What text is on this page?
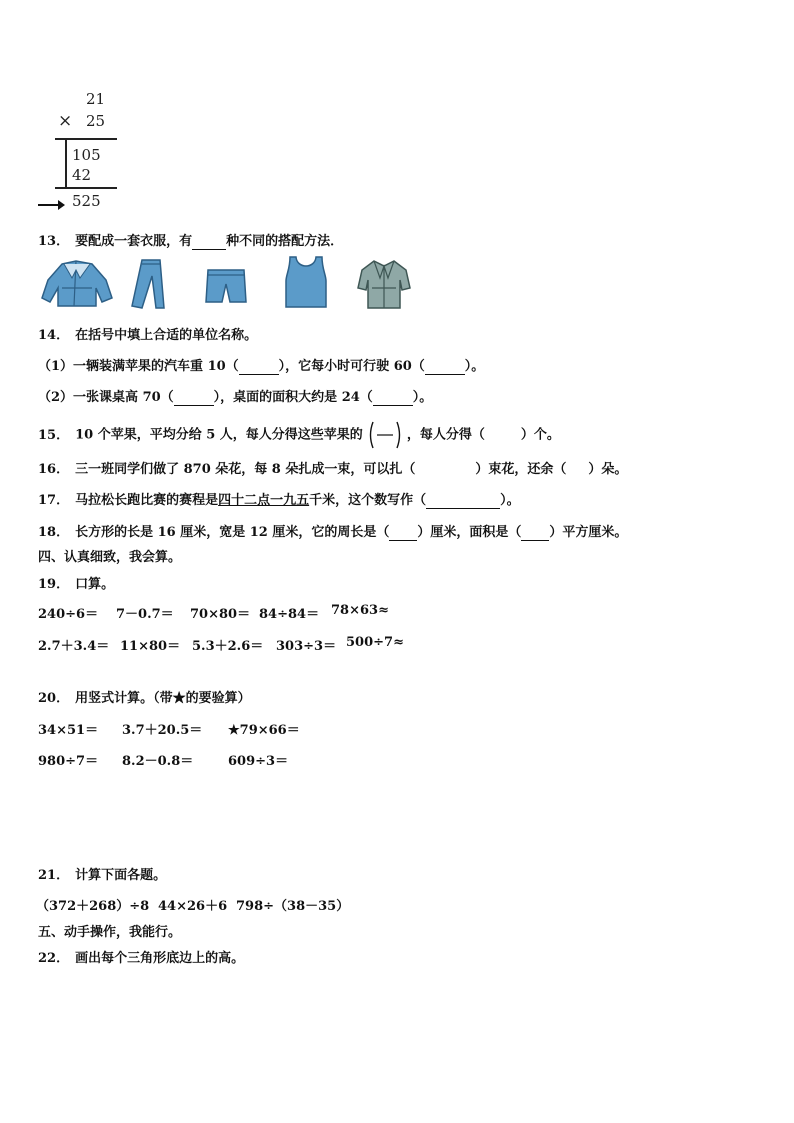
21
× 25
105
42
525
13． 要配成一套衣服，有	种不同的搭配方法．
14． 在括号中填上合适的单位名称。
（1）一辆装满苹果的汽车重 10（	），它每小时可行驶 60（	）。
（2）一张课桌高 70（	），桌面的面积大约是 24（	）。
15． 10 个苹果，平均分给 5 人，每人分得这些苹果的	，每人分得（	）个。
16． 三一班同学们做了 870 朵花，每 8 朵扎成一束，可以扎（	）束花，还余（ ）朵。
17． 马拉松长跑比赛的赛程是四十二点一九五千米，这个数写作（	）。
18． 长方形的长是 16 厘米，宽是 12 厘米，它的周长是（ ）厘米，面积是（ ）平方厘米。
四、认真细致，我会算。
19． 口算。
240÷6＝ 7－0.7＝ 70×80＝ 84÷84＝ 78×63≈
2.7＋3.4＝ 11×80＝ 5.3＋2.6＝ 303÷3＝ 500÷7≈
20． 用竖式计算。（带★的要验算）
34×51＝ 3.7＋20.5＝ ★79×66＝
980÷7＝ 8.2－0.8＝	609÷3＝
21． 计算下面各题。
（372＋268）÷8 44×26＋6 798÷（38－35）
五、动手操作，我能行。
22． 画出每个三角形底边上的高。
